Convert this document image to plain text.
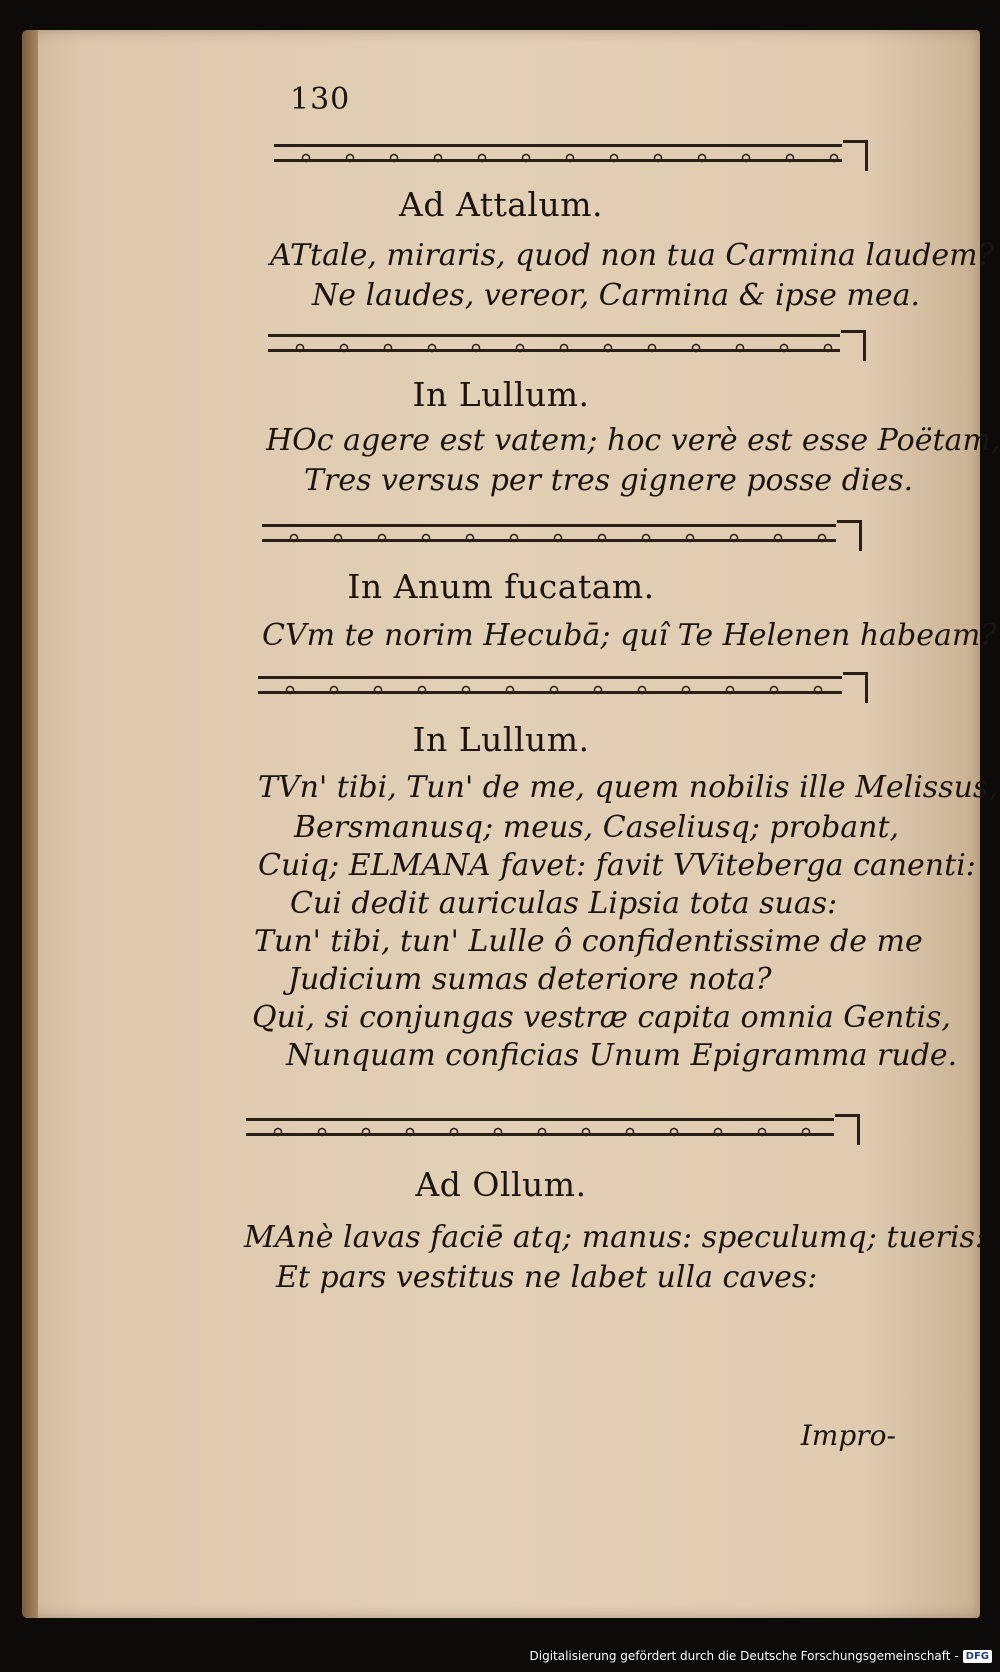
130
Ad Attalum.
ATtale, miraris, quod non tua Carmina laudem?
Ne laudes, vereor, Carmina & ipse mea.
In Lullum.
HOc agere est vatem; hoc verè est esse Poëtam,
Tres versus per tres gignere posse dies.
In Anum fucatam.
CVm te norim Hecubā; quî Te Helenen habeam?
In Lullum.
TVn' tibi, Tun' de me, quem nobilis ille Melissus,
Bersmanusq; meus, Caseliusq; probant,
Cuiq; ELMANA favet: favit VViteberga canenti:
Cui dedit auriculas Lipsia tota suas:
Tun' tibi, tun' Lulle ô confidentissime de me
Judicium sumas deteriore nota?
Qui, si conjungas vestræ capita omnia Gentis,
Nunquam conficias Unum Epigramma rude.
Ad Ollum.
MAnè lavas faciē atq; manus: speculumq; tueris:
Et pars vestitus ne labet ulla caves:
Impro-
Digitalisierung gefördert durch die Deutsche Forschungsgemeinschaft - DFG
